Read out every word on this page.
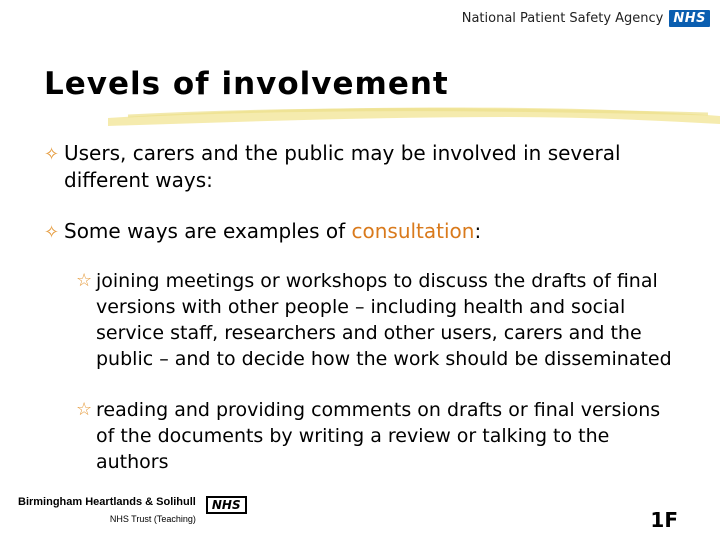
National Patient Safety Agency NHS
Levels of involvement
✧ Users, carers and the public may be involved in several
different ways:
✧ Some ways are examples of consultation:
☆ joining meetings or workshops to discuss the drafts of final
versions with other people – including health and social
service staff, researchers and other users, carers and the
public – and to decide how the work should be disseminated
☆ reading and providing comments on drafts or final versions
of the documents by writing a review or talking to the
authors
Birmingham Heartlands & Solihull
NHS Trust (Teaching)
NHS
1F
